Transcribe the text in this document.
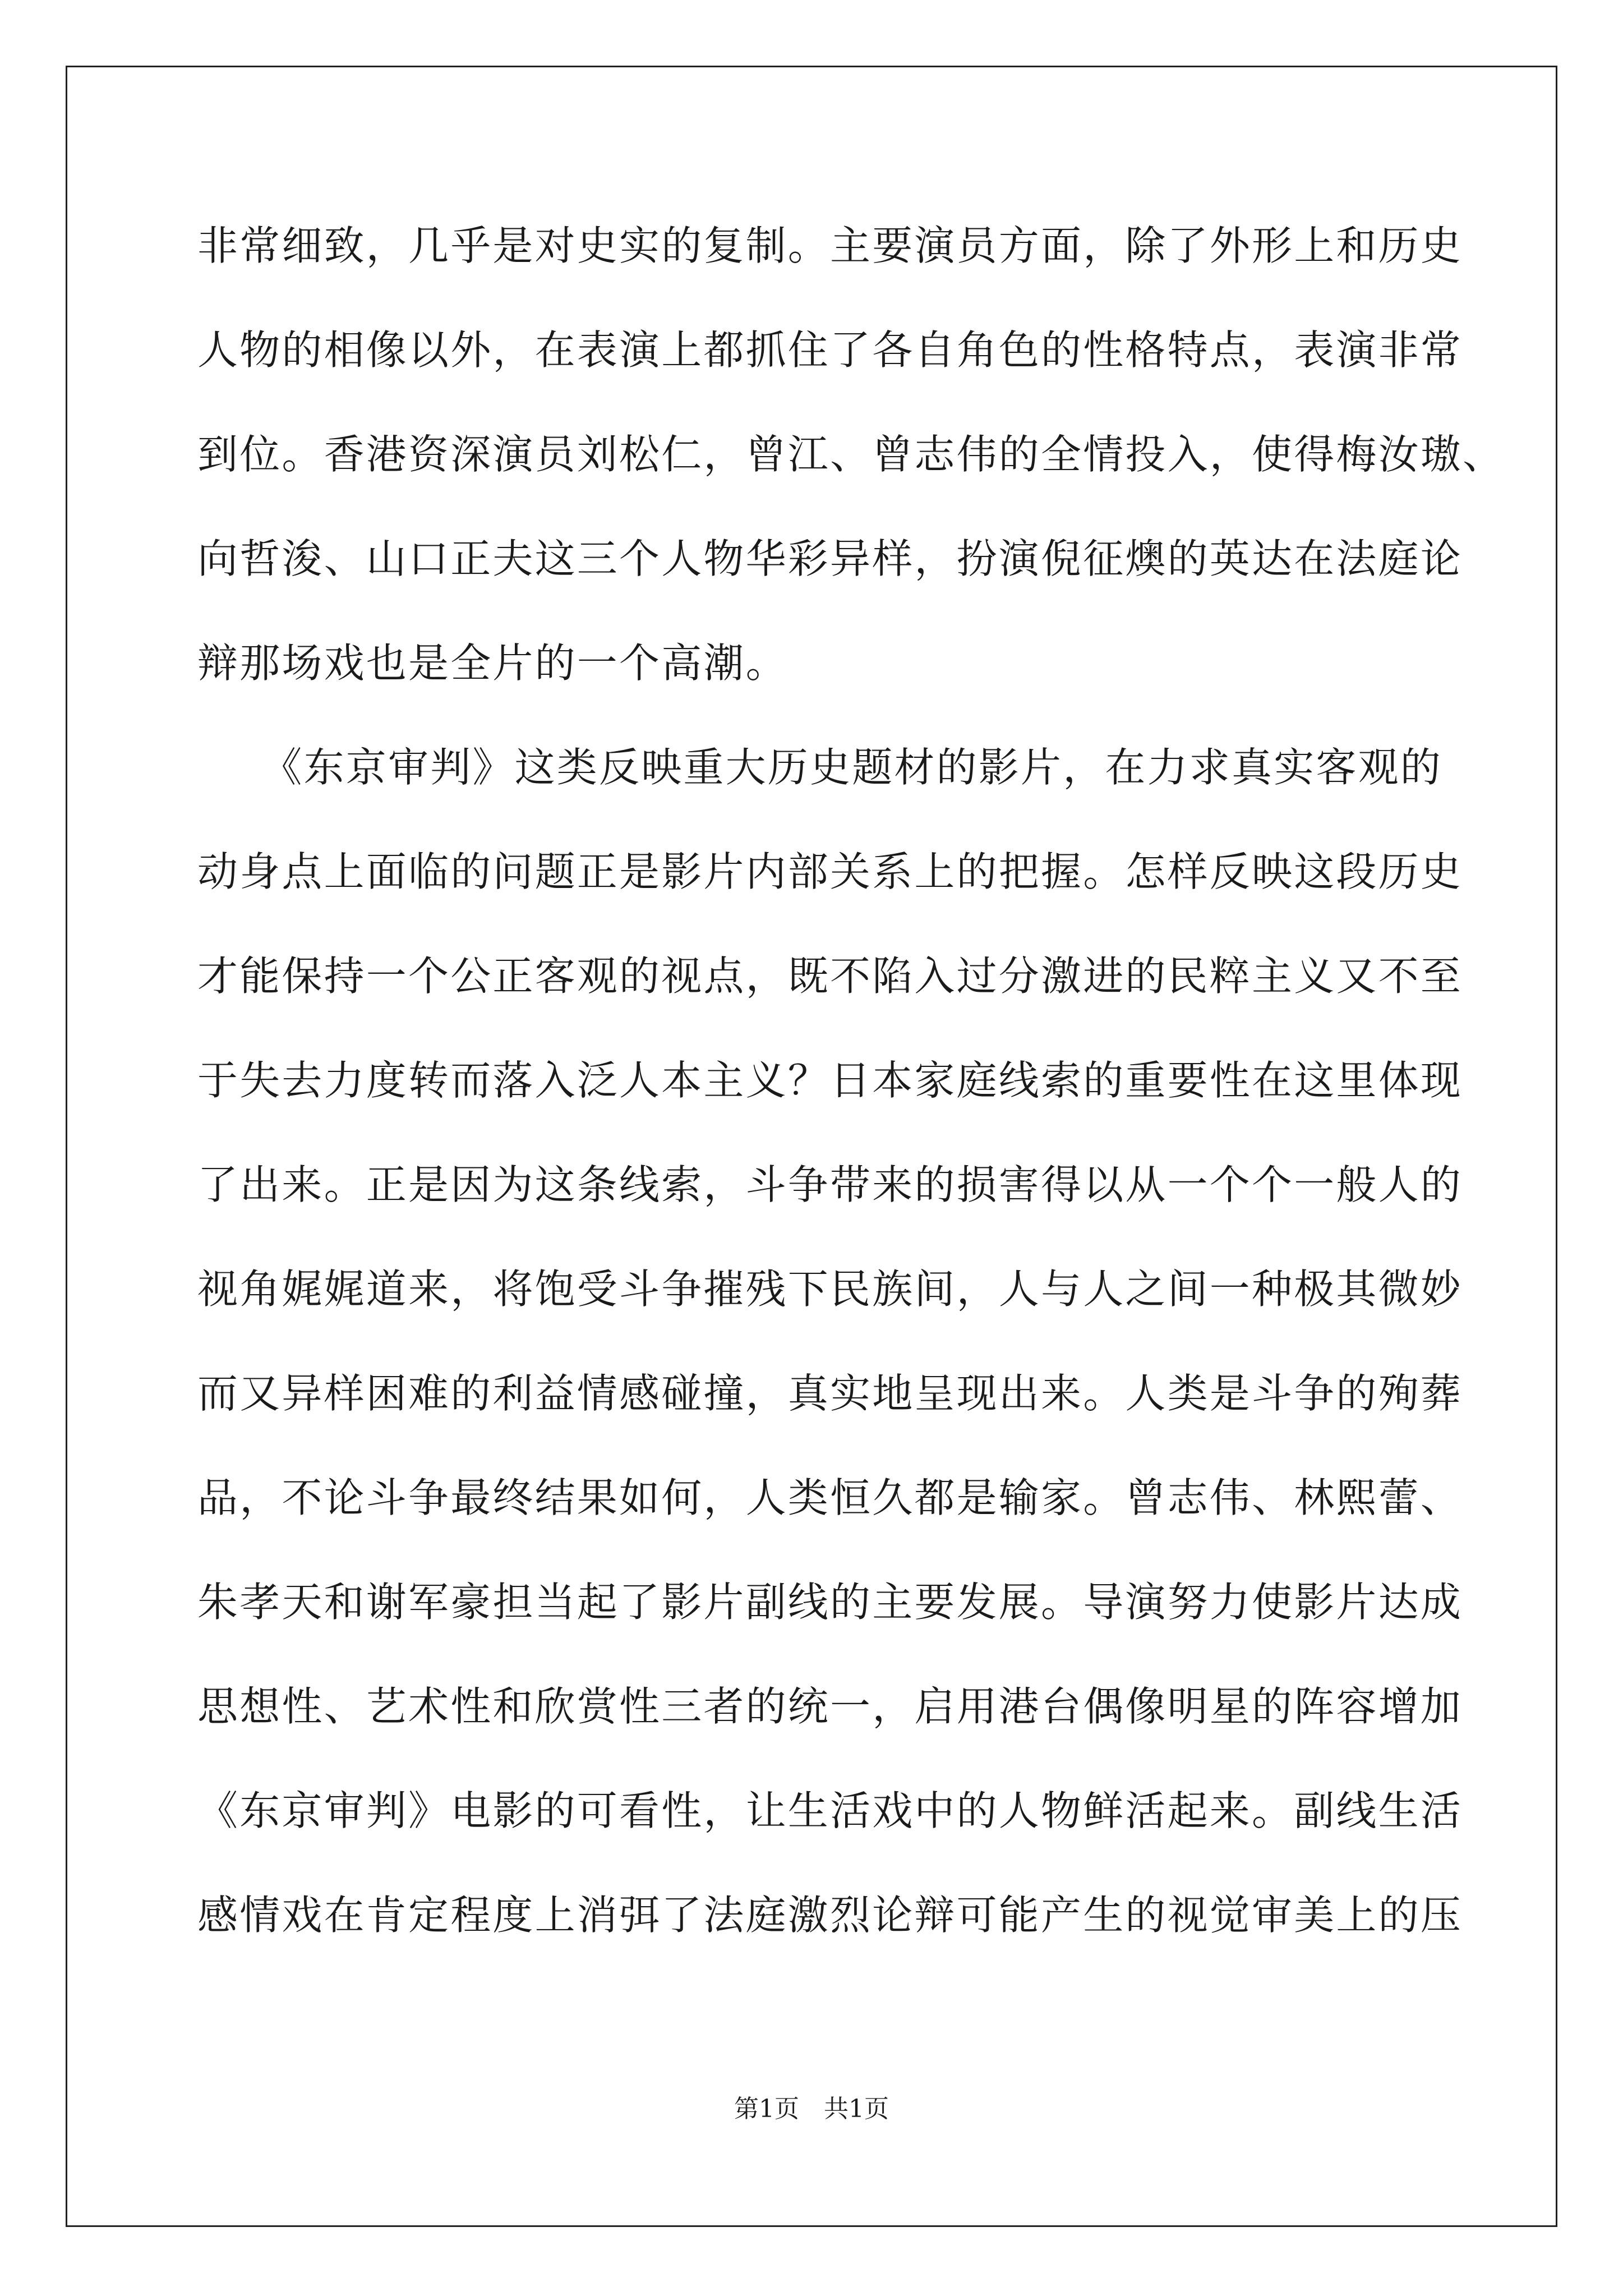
非常细致，几乎是对史实的复制。主要演员方面，除了外形上和历史
人物的相像以外，在表演上都抓住了各自角色的性格特点，表演非常
到位。香港资深演员刘松仁，曾江、曾志伟的全情投入，使得梅汝璈、
向哲浚、山口正夫这三个人物华彩异样，扮演倪征燠的英达在法庭论
辩那场戏也是全片的一个高潮。
　　《东京审判》这类反映重大历史题材的影片，在力求真实客观的
动身点上面临的问题正是影片内部关系上的把握。怎样反映这段历史
才能保持一个公正客观的视点，既不陷入过分激进的民粹主义又不至
于失去力度转而落入泛人本主义？日本家庭线索的重要性在这里体现
了出来。正是因为这条线索，斗争带来的损害得以从一个个一般人的
视角娓娓道来，将饱受斗争摧残下民族间，人与人之间一种极其微妙
而又异样困难的利益情感碰撞，真实地呈现出来。人类是斗争的殉葬
品，不论斗争最终结果如何，人类恒久都是输家。曾志伟、林熙蕾、
朱孝天和谢军豪担当起了影片副线的主要发展。导演努力使影片达成
思想性、艺术性和欣赏性三者的统一，启用港台偶像明星的阵容增加
《东京审判》电影的可看性，让生活戏中的人物鲜活起来。副线生活
感情戏在肯定程度上消弭了法庭激烈论辩可能产生的视觉审美上的压
第1页　共1页
